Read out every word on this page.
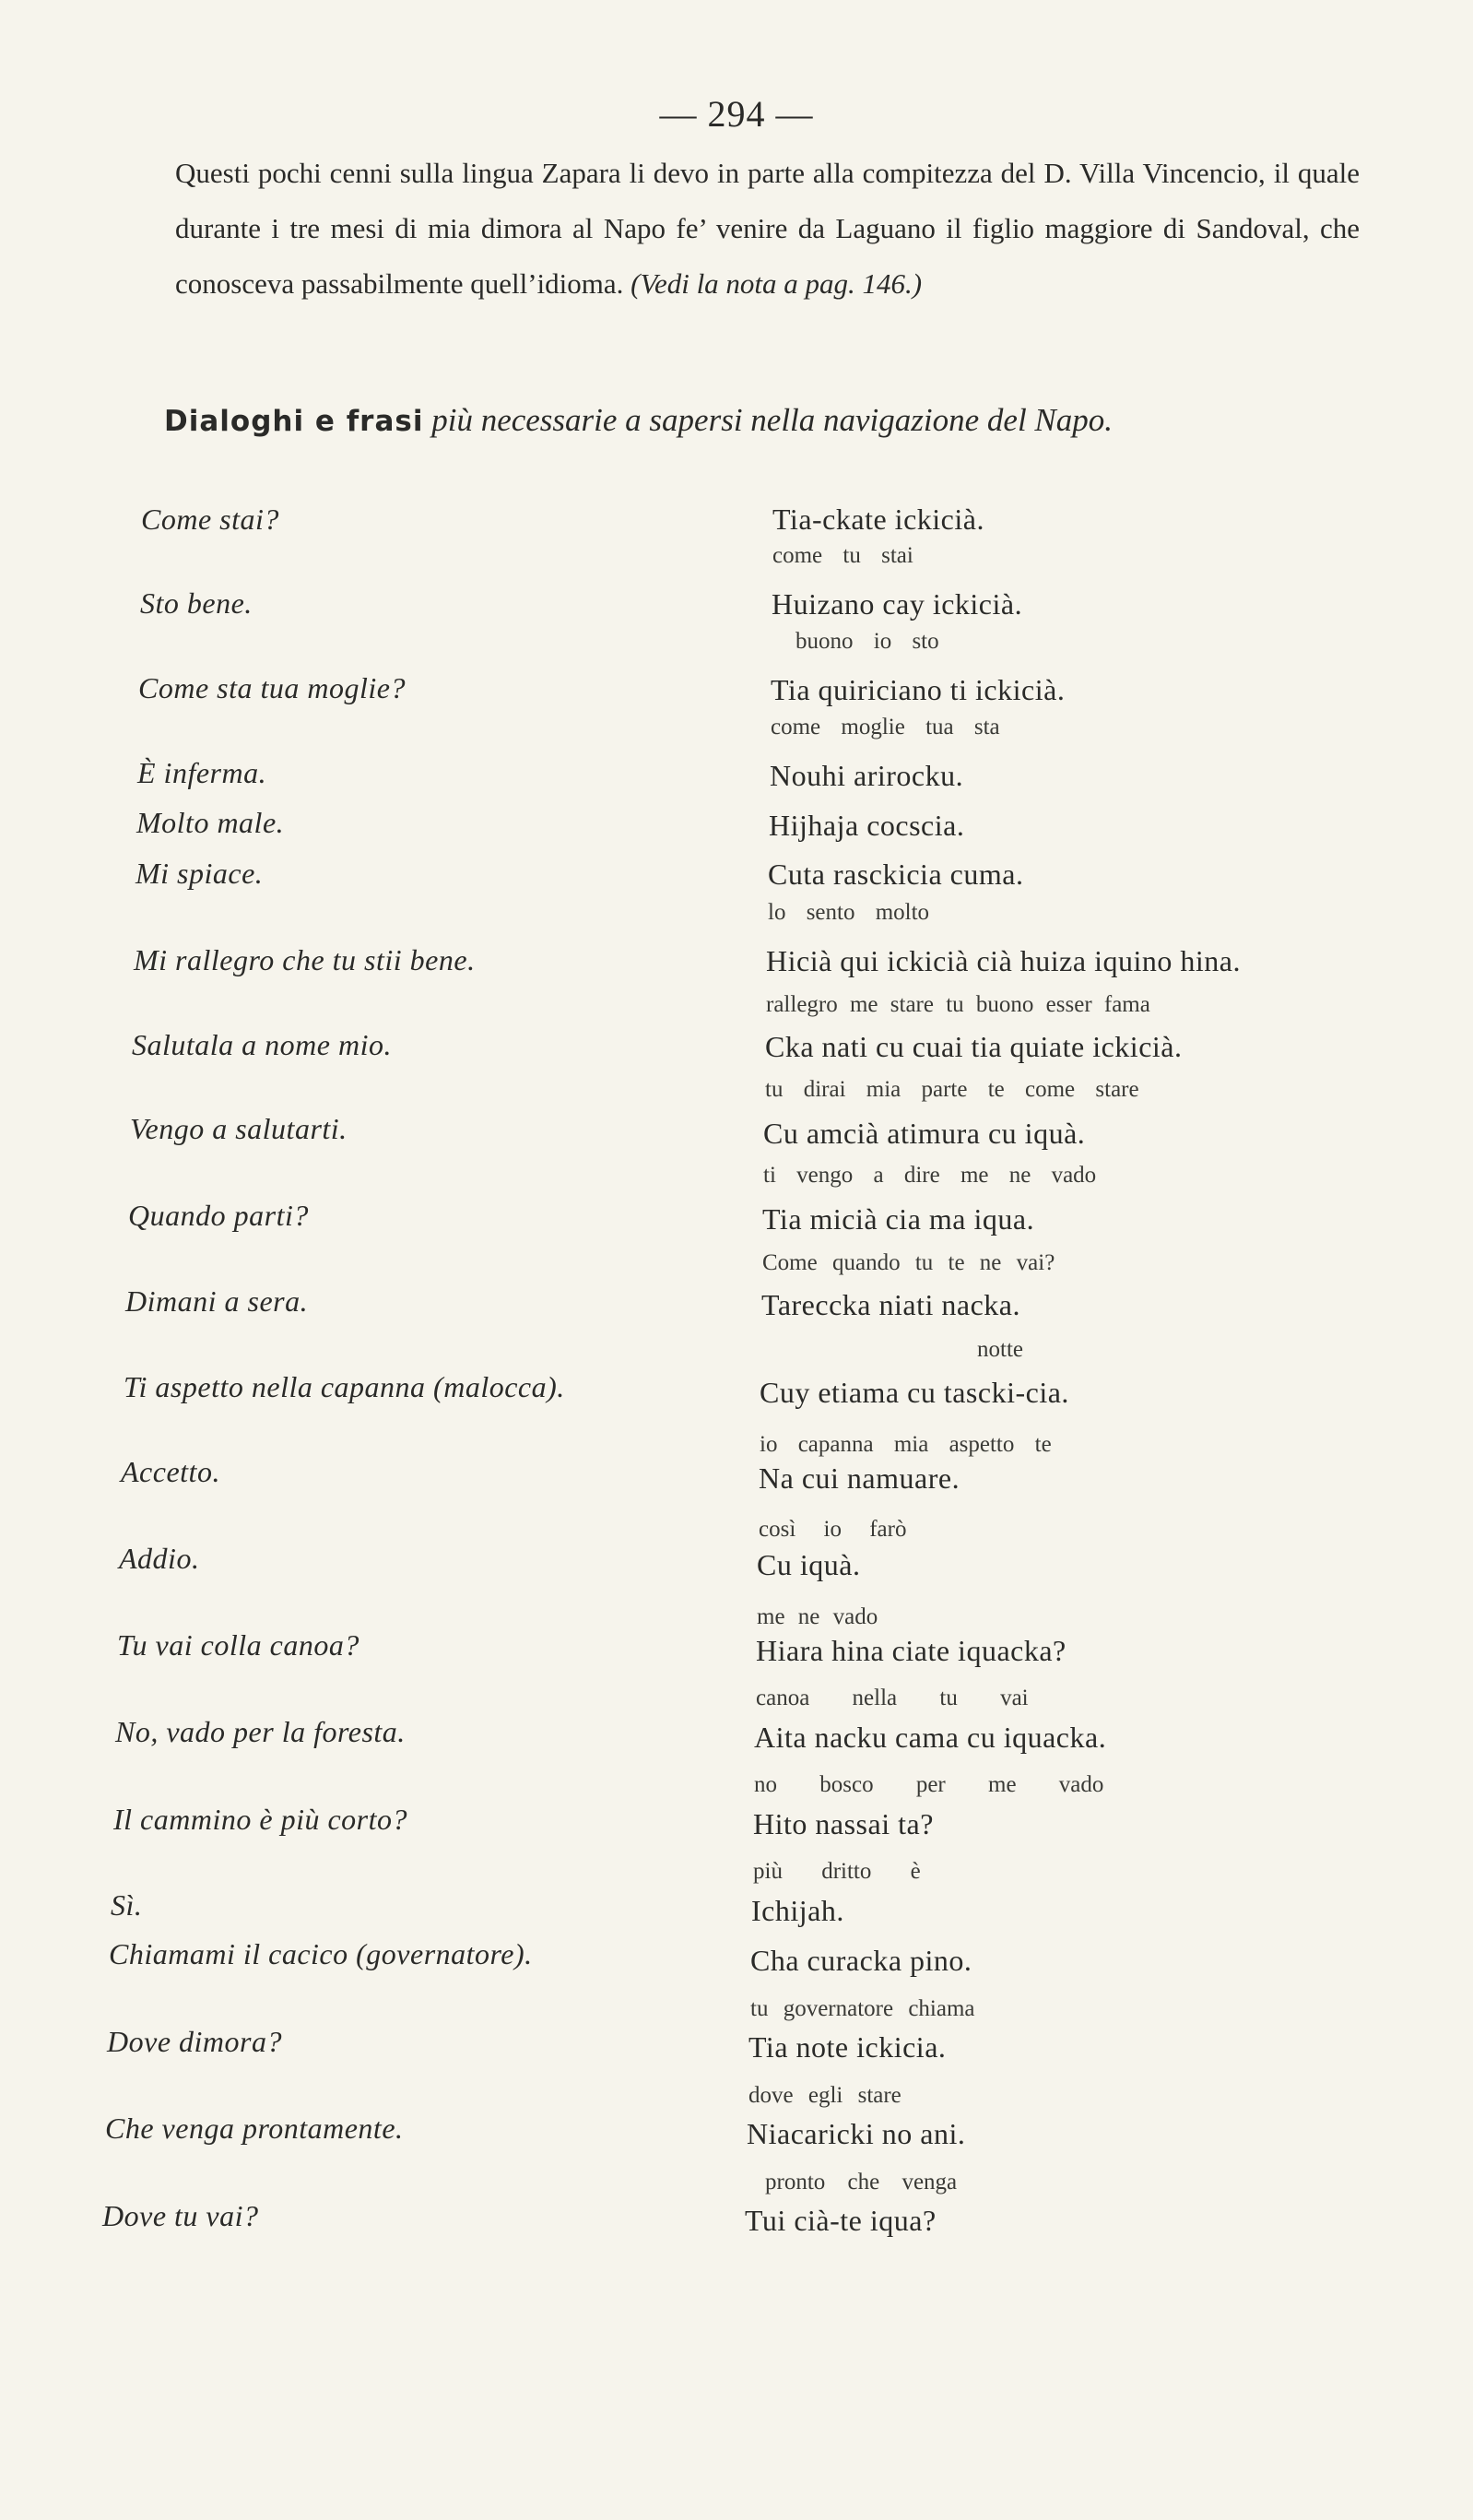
— 294 —
Questi pochi cenni sulla lingua Zapara li devo in parte alla compitezza del D. Villa Vincencio, il quale durante i tre mesi di mia dimora al Napo fe’ venire da Laguano il figlio maggiore di Sandoval, che conosceva passabilmente quell’idioma. (Vedi la nota a pag. 146.)
Dialoghi e frasi più necessarie a sapersi nella navigazione del Napo.
Come stai?
Sto bene.
Come sta tua moglie?
È inferma.
Molto male.
Mi spiace.
Mi rallegro che tu stii bene.
Salutala a nome mio.
Vengo a salutarti.
Quando parti?
Dimani a sera.
Ti aspetto nella capanna (malocca).
Accetto.
Addio.
Tu vai colla canoa?
No, vado per la foresta.
Il cammino è più corto?
Sì.
Chiamami il cacico (governatore).
Dove dimora?
Che venga prontamente.
Dove tu vai?
Tia-ckate ickicià.
Huizano cay ickicià.
Tia quiriciano ti ickicià.
Nouhi arirocku.
Hijhaja cocscia.
Cuta rasckicia cuma.
Hicià qui ickicià cià huiza iquino hina.
Cka nati cu cuai tia quiate ickicià.
Cu amcià atimura cu iquà.
Tia micià cia ma iqua.
Tareccka niati nacka.
Cuy etiama cu tascki-cia.
Na cui namuare.
Cu iquà.
Hiara hina ciate iquacka?
Aita nacku cama cu iquacka.
Hito nassai ta?
Ichijah.
Cha curacka pino.
Tia note ickicia.
Niacaricki no ani.
Tui cià-te iqua?
come tu stai
buono io sto
come moglie tua sta
lo sento molto
rallegro me stare tu buono esser fama
tu dirai mia parte te come stare
ti vengo a dire me ne vado
Come quando tu te ne vai?
notte
io capanna mia aspetto te
così io farò
me ne vado
canoa nella tu vai
no bosco per me vado
più dritto è
tu governatore chiama
dove egli stare
pronto che venga
